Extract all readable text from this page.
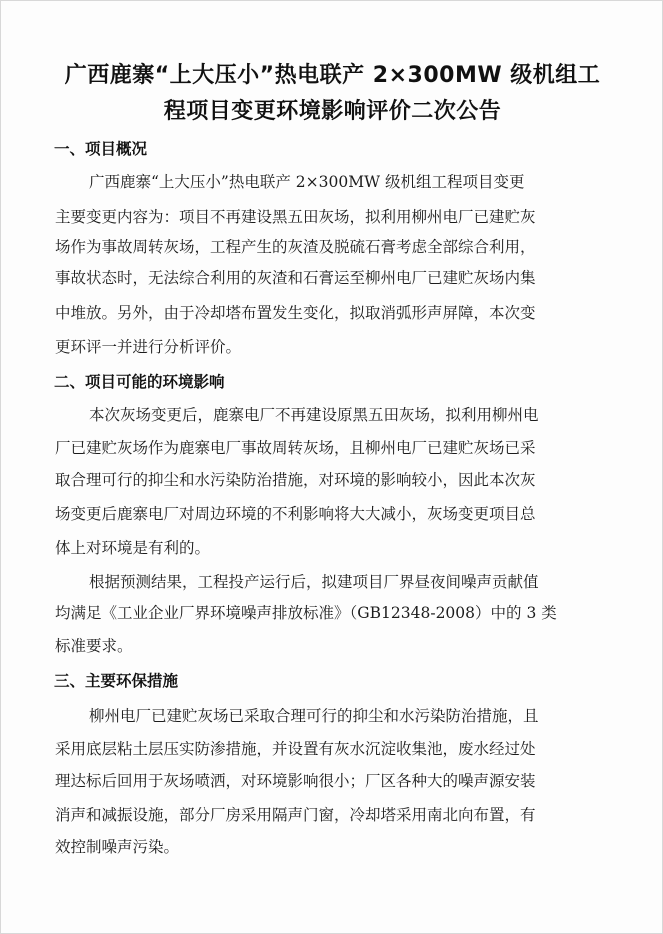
广西鹿寨“上大压小”热电联产 2×300MW 级机组工
程项目变更环境影响评价二次公告
一、项目概况
广西鹿寨“上大压小”热电联产 2×300MW 级机组工程项目变更
主要变更内容为：项目不再建设黑五田灰场，拟利用柳州电厂已建贮灰
场作为事故周转灰场，工程产生的灰渣及脱硫石膏考虑全部综合利用，
事故状态时，无法综合利用的灰渣和石膏运至柳州电厂已建贮灰场内集
中堆放。另外，由于冷却塔布置发生变化，拟取消弧形声屏障，本次变
更环评一并进行分析评价。
二、项目可能的环境影响
本次灰场变更后，鹿寨电厂不再建设原黑五田灰场，拟利用柳州电
厂已建贮灰场作为鹿寨电厂事故周转灰场，且柳州电厂已建贮灰场已采
取合理可行的抑尘和水污染防治措施，对环境的影响较小，因此本次灰
场变更后鹿寨电厂对周边环境的不利影响将大大减小，灰场变更项目总
体上对环境是有利的。
根据预测结果，工程投产运行后，拟建项目厂界昼夜间噪声贡献值
均满足《工业企业厂界环境噪声排放标准》（GB12348-2008）中的 3 类
标准要求。
三、主要环保措施
柳州电厂已建贮灰场已采取合理可行的抑尘和水污染防治措施，且
采用底层粘土层压实防渗措施，并设置有灰水沉淀收集池，废水经过处
理达标后回用于灰场喷洒，对环境影响很小；厂区各种大的噪声源安装
消声和减振设施，部分厂房采用隔声门窗，冷却塔采用南北向布置，有
效控制噪声污染。
